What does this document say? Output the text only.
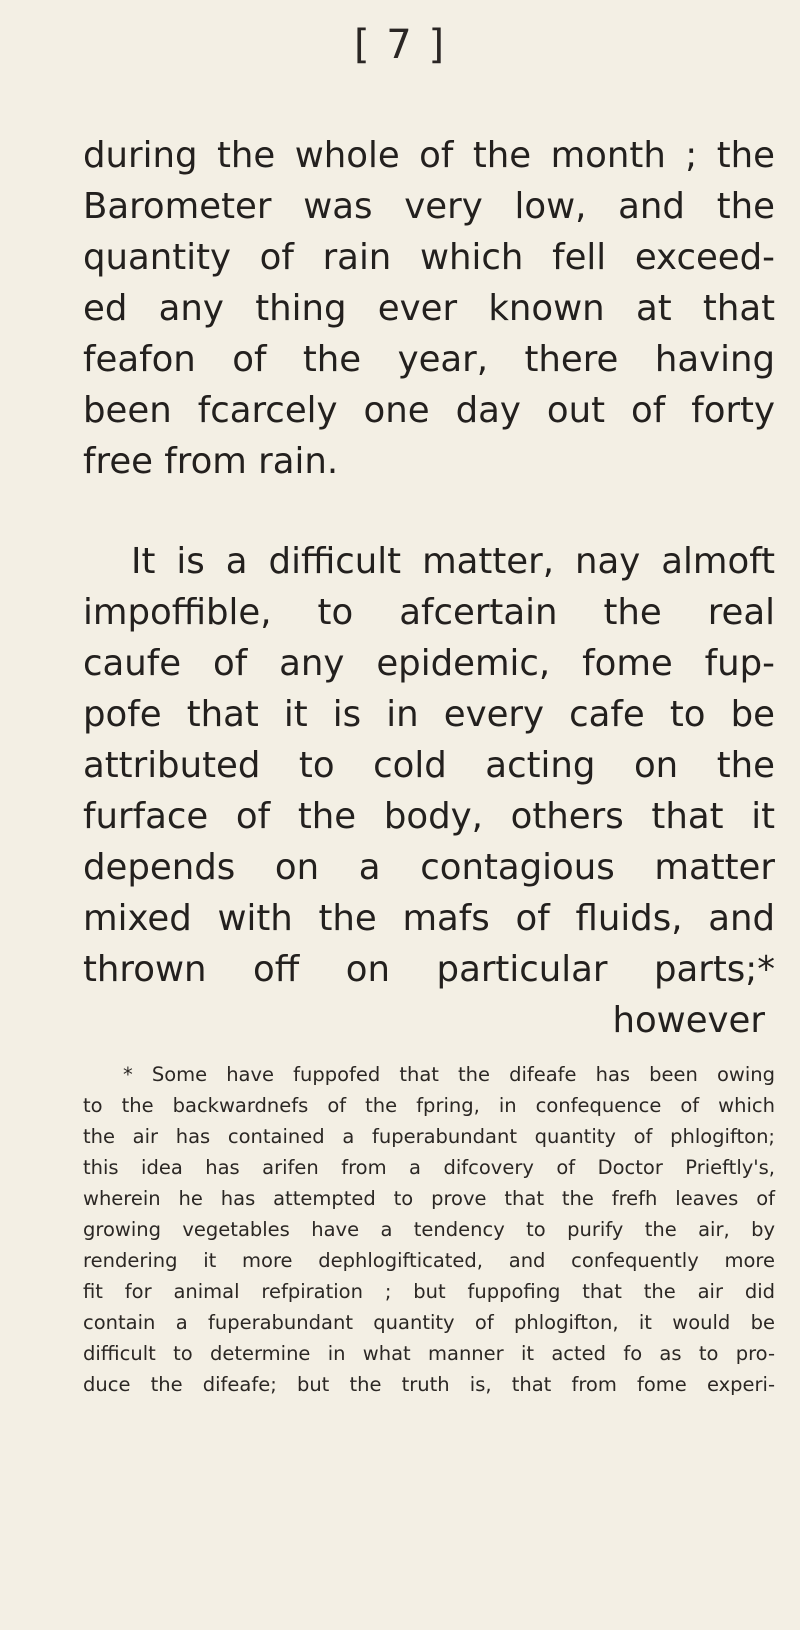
[ 7 ]
during the whole of the month ; the
Barometer was very low, and the
quantity of rain which fell exceed-
ed any thing ever known at that
feafon of the year, there having
been fcarcely one day out of forty
free from rain.
It is a difficult matter, nay almoft
impoffible, to afcertain the real
caufe of any epidemic, fome fup-
pofe that it is in every cafe to be
attributed to cold acting on the
furface of the body, others that it
depends on a contagious matter
mixed with the mafs of fluids, and
thrown off on particular parts;*
however
* Some have fuppofed that the difeafe has been owing
to the backwardnefs of the fpring, in confequence of which
the air has contained a fuperabundant quantity of phlogifton;
this idea has arifen from a difcovery of Doctor Prieftly's,
wherein he has attempted to prove that the frefh leaves of
growing vegetables have a tendency to purify the air, by
rendering it more dephlogifticated, and confequently more
fit for animal refpiration ; but fuppofing that the air did
contain a fuperabundant quantity of phlogifton, it would be
difficult to determine in what manner it acted fo as to pro-
duce the difeafe; but the truth is, that from fome experi-
